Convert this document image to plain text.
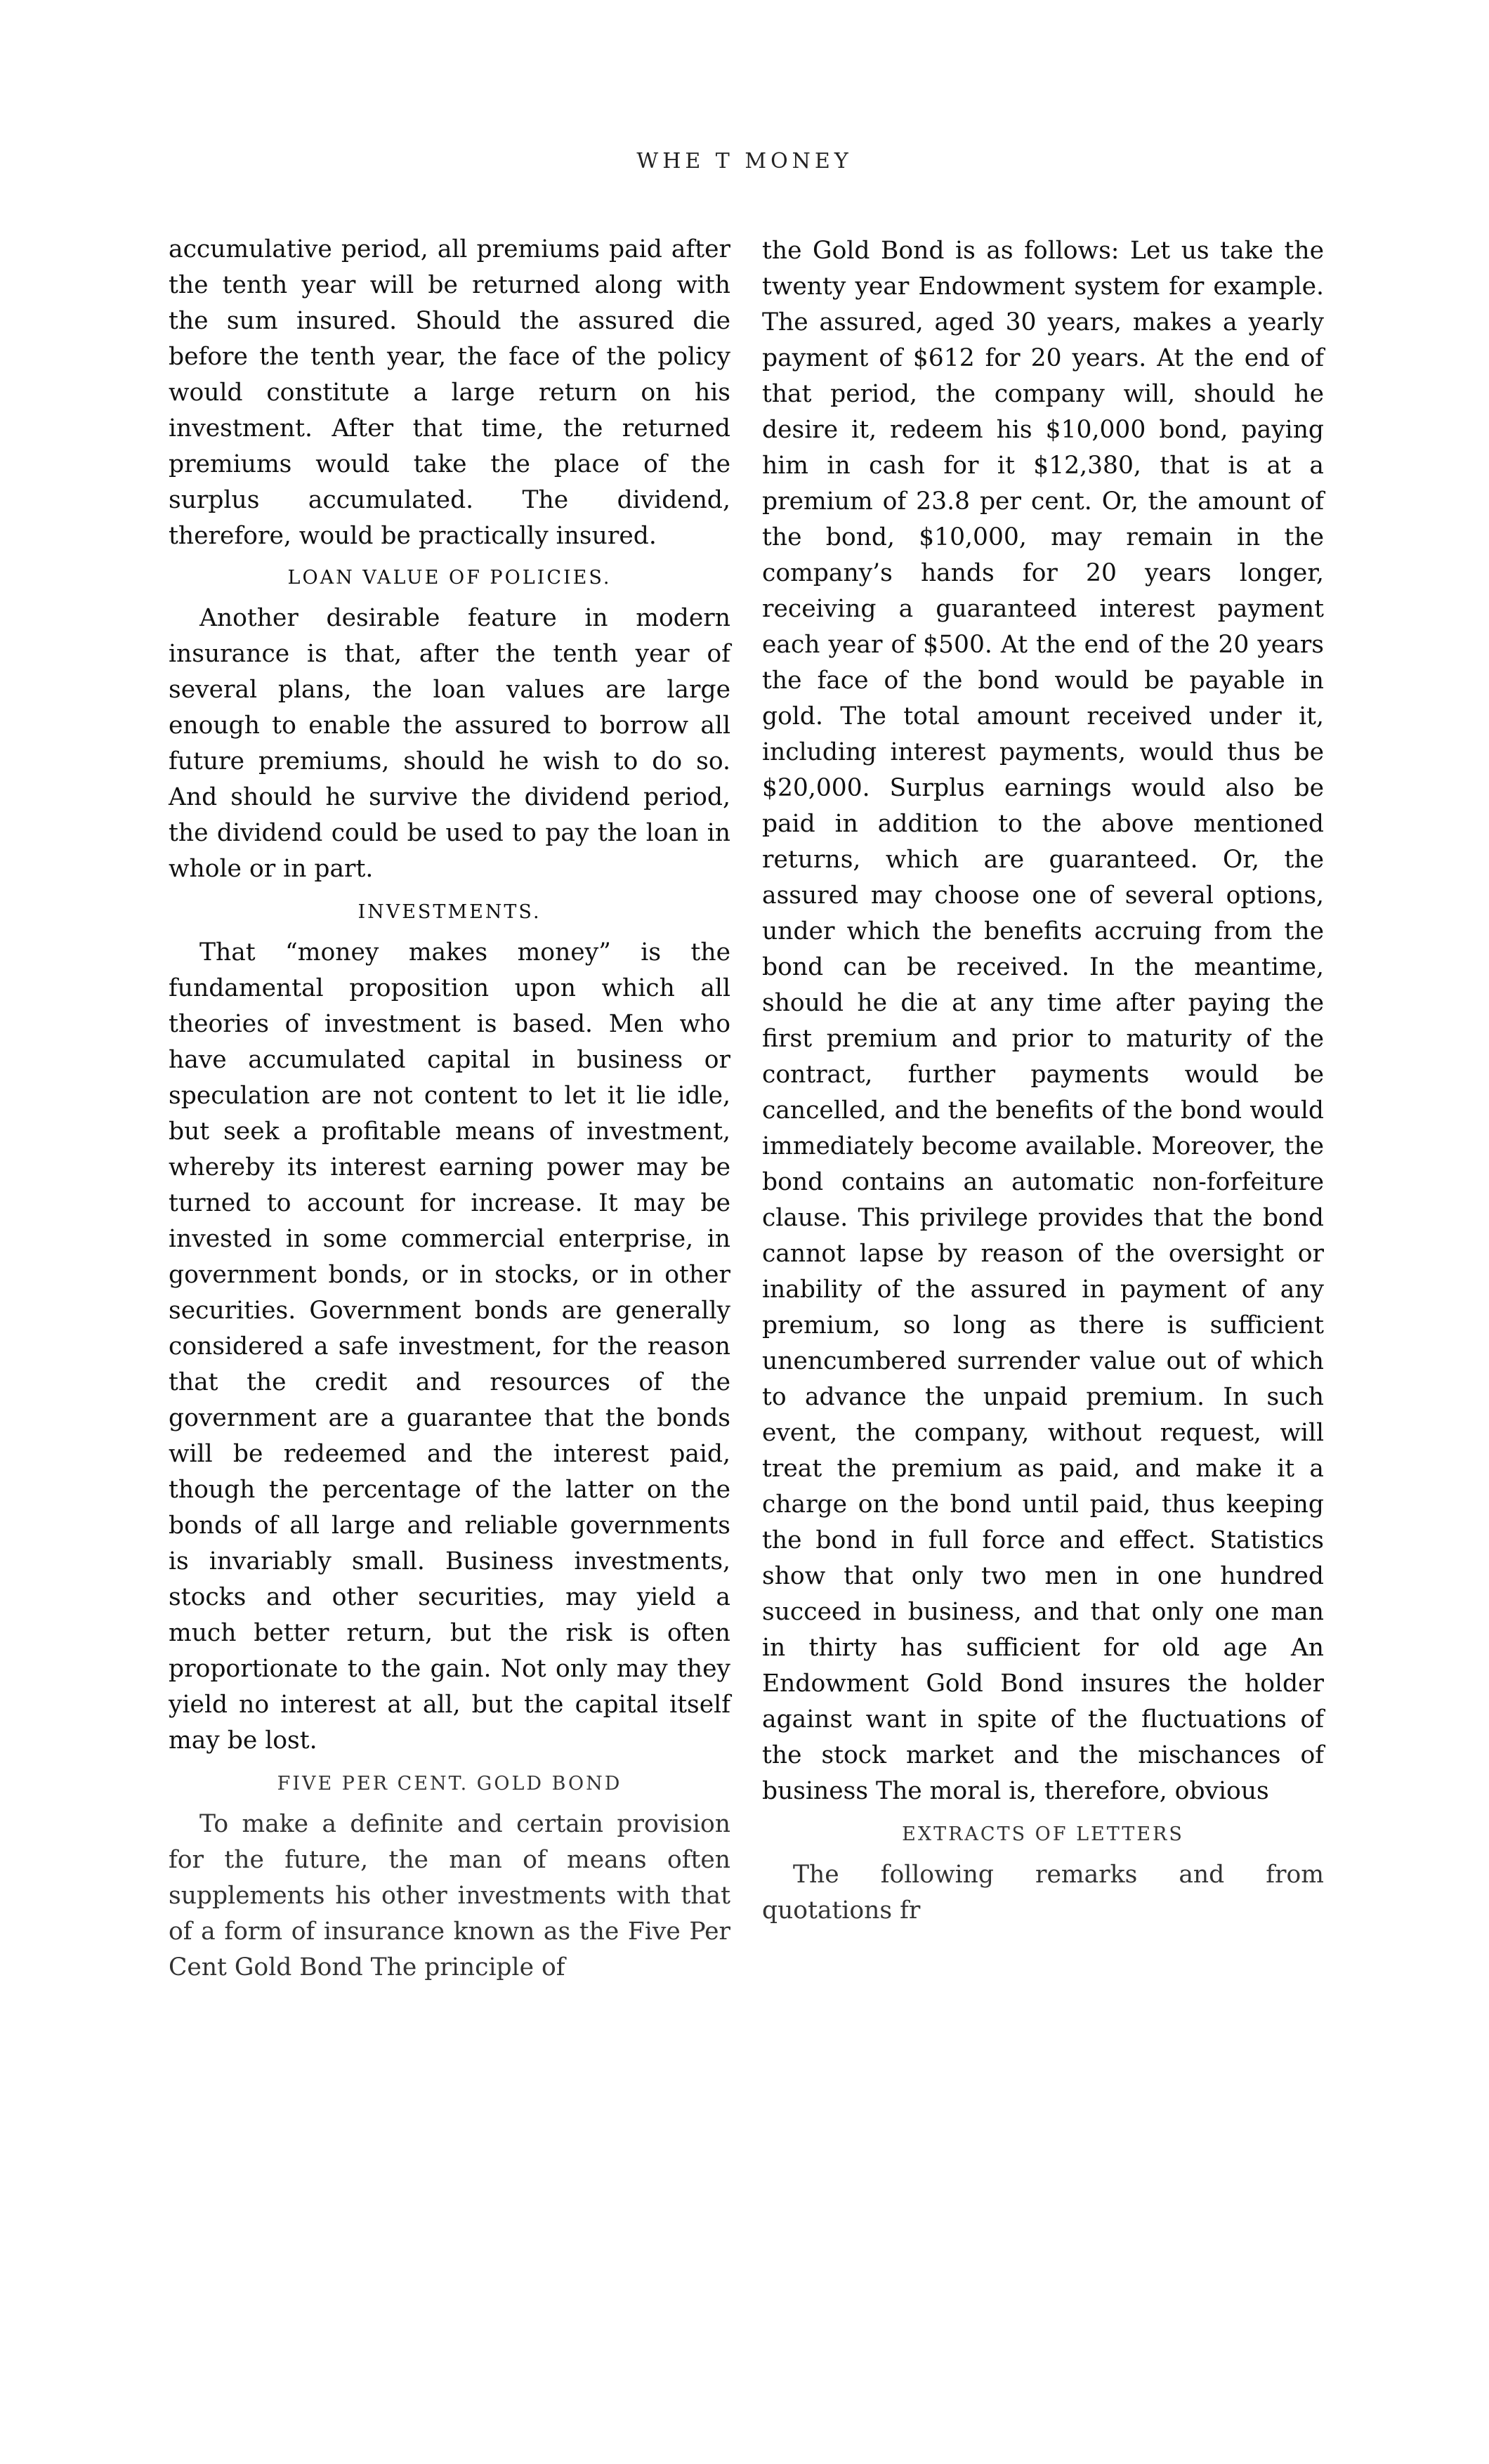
WHE T MONEY

accumulative period, all premiums paid after the tenth year will be returned along with the sum insured. Should the assured die before the tenth year, the face of the policy would constitute a large return on his investment. After that time, the returned premiums would take the place of the surplus accumulated. The dividend, therefore, would be practically insured.

LOAN VALUE OF POLICIES.

Another desirable feature in modern insurance is that, after the tenth year of several plans, the loan values are large enough to enable the assured to borrow all future premiums, should he wish to do so. And should he survive the dividend period, the dividend could be used to pay the loan in whole or in part.

INVESTMENTS.

That “money makes money” is the fundamental proposition upon which all theories of investment is based. Men who have accumulated capital in business or speculation are not content to let it lie idle, but seek a profitable means of investment, whereby its interest earning power may be turned to account for increase. It may be invested in some commercial enterprise, in government bonds, or in stocks, or in other securities. Government bonds are generally considered a safe investment, for the reason that the credit and resources of the government are a guarantee that the bonds will be redeemed and the interest paid, though the percentage of the latter on the bonds of all large and reliable governments is invariably small. Business investments, stocks and other securities, may yield a much better return, but the risk is often proportionate to the gain. Not only may they yield no interest at all, but the capital itself may be lost.

FIVE PER CENT. GOLD BOND

To make a definite and certain provision for the future, the man of means often supplements his other investments with that of a form of insurance known as the Five Per Cent Gold Bond The principle of

the Gold Bond is as follows: Let us take the twenty year Endowment system for example. The assured, aged 30 years, makes a yearly payment of $612 for 20 years. At the end of that period, the company will, should he desire it, redeem his $10,000 bond, paying him in cash for it $12,380, that is at a premium of 23.8 per cent. Or, the amount of the bond, $10,000, may remain in the company’s hands for 20 years longer, receiving a guaranteed interest payment each year of $500. At the end of the 20 years the face of the bond would be payable in gold. The total amount received under it, including interest payments, would thus be $20,000. Surplus earnings would also be paid in addition to the above mentioned returns, which are guaranteed. Or, the assured may choose one of several options, under which the benefits accruing from the bond can be received. In the meantime, should he die at any time after paying the first premium and prior to maturity of the contract, further payments would be cancelled, and the benefits of the bond would immediately become available. Moreover, the bond contains an automatic non-forfeiture clause. This privilege provides that the bond cannot lapse by reason of the oversight or inability of the assured in payment of any premium, so long as there is sufficient unencumbered surrender value out of which to advance the unpaid premium. In such event, the company, without request, will treat the premium as paid, and make it a charge on the bond until paid, thus keeping the bond in full force and effect. Statistics show that only two men in one hundred succeed in business, and that only one man in thirty has sufficient for old age An Endowment Gold Bond insures the holder against want in spite of the fluctuations of the stock market and the mischances of business The moral is, therefore, obvious

EXTRACTS OF LETTERS

The following remarks and from quotations fr
